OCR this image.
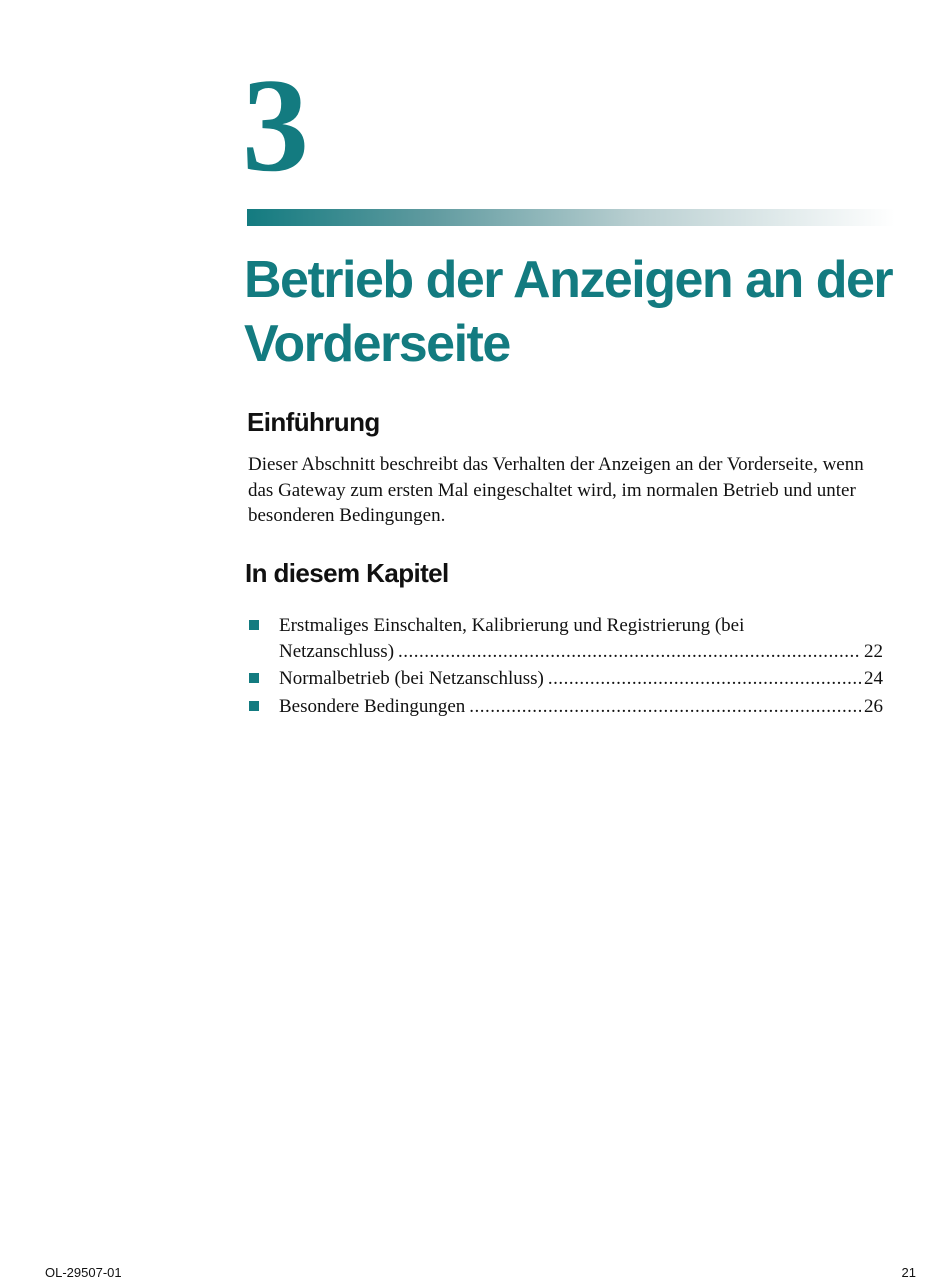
3
Betrieb der Anzeigen an der Vorderseite
Einführung

Dieser Abschnitt beschreibt das Verhalten der Anzeigen an der Vorderseite, wenn das Gateway zum ersten Mal eingeschaltet wird, im normalen Betrieb und unter besonderen Bedingungen.

In diesem Kapitel
Erstmaliges Einschalten, Kalibrierung und Registrierung (bei
Netzanschluss) .....	22
Normalbetrieb (bei Netzanschluss) .....	24
Besondere Bedingungen .....	26
OL-29507-01	21
